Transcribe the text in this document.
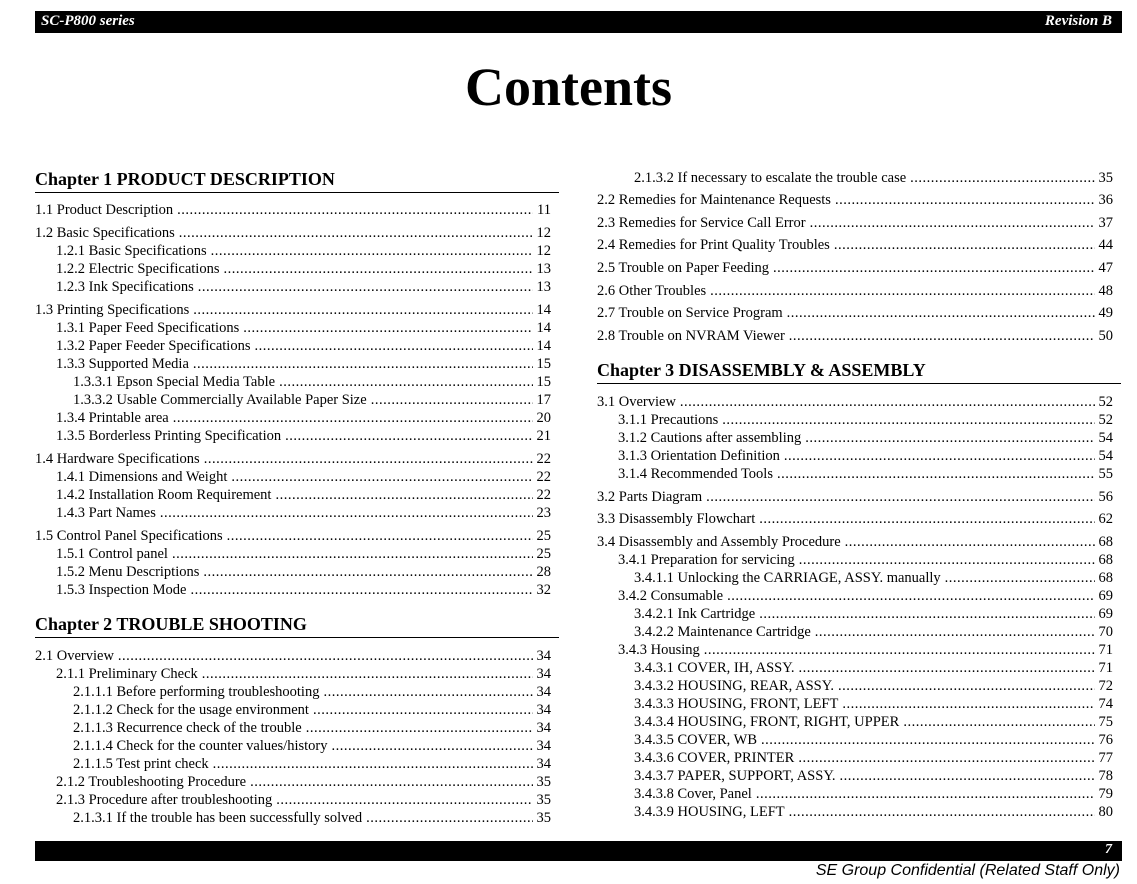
SC-P800 series	Revision B
Contents
Chapter 1 PRODUCT DESCRIPTION
Chapter 2 TROUBLE SHOOTING
Chapter 3 DISASSEMBLY & ASSEMBLY
1.1 Product Description .....	11
1.2 Basic Specifications .....	12
1.2.1 Basic Specifications .....	12
1.2.2 Electric Specifications .....	13
1.2.3 Ink Specifications .....	13
1.3 Printing Specifications .....	14
1.3.1 Paper Feed Specifications .....	14
1.3.2 Paper Feeder Specifications .....	14
1.3.3 Supported Media .....	15
1.3.3.1 Epson Special Media Table .....	15
1.3.3.2 Usable Commercially Available Paper Size .....	17
1.3.4 Printable area .....	20
1.3.5 Borderless Printing Specification .....	21
1.4 Hardware Specifications .....	22
1.4.1 Dimensions and Weight .....	22
1.4.2 Installation Room Requirement .....	22
1.4.3 Part Names .....	23
1.5 Control Panel Specifications .....	25
1.5.1 Control panel .....	25
1.5.2 Menu Descriptions .....	28
1.5.3 Inspection Mode .....	32
2.1 Overview .....	34
2.1.1 Preliminary Check .....	34
2.1.1.1 Before performing troubleshooting .....	34
2.1.1.2 Check for the usage environment .....	34
2.1.1.3 Recurrence check of the trouble .....	34
2.1.1.4 Check for the counter values/history .....	34
2.1.1.5 Test print check .....	34
2.1.2 Troubleshooting Procedure .....	35
2.1.3 Procedure after troubleshooting .....	35
2.1.3.1 If the trouble has been successfully solved .....	35
2.1.3.2 If necessary to escalate the trouble case .....	35
2.2 Remedies for Maintenance Requests .....	36
2.3 Remedies for Service Call Error .....	37
2.4 Remedies for Print Quality Troubles .....	44
2.5 Trouble on Paper Feeding .....	47
2.6 Other Troubles .....	48
2.7 Trouble on Service Program .....	49
2.8 Trouble on NVRAM Viewer .....	50
3.1 Overview .....	52
3.1.1 Precautions .....	52
3.1.2 Cautions after assembling .....	54
3.1.3 Orientation Definition .....	54
3.1.4 Recommended Tools .....	55
3.2 Parts Diagram .....	56
3.3 Disassembly Flowchart .....	62
3.4 Disassembly and Assembly Procedure .....	68
3.4.1 Preparation for servicing .....	68
3.4.1.1 Unlocking the CARRIAGE, ASSY. manually .....	68
3.4.2 Consumable .....	69
3.4.2.1 Ink Cartridge .....	69
3.4.2.2 Maintenance Cartridge .....	70
3.4.3 Housing .....	71
3.4.3.1 COVER, IH, ASSY. .....	71
3.4.3.2 HOUSING, REAR, ASSY. .....	72
3.4.3.3 HOUSING, FRONT, LEFT .....	74
3.4.3.4 HOUSING, FRONT, RIGHT, UPPER .....	75
3.4.3.5 COVER, WB .....	76
3.4.3.6 COVER, PRINTER .....	77
3.4.3.7 PAPER, SUPPORT, ASSY. .....	78
3.4.3.8 Cover, Panel .....	79
3.4.3.9 HOUSING, LEFT .....	80
7
SE Group Confidential (Related Staff Only)
